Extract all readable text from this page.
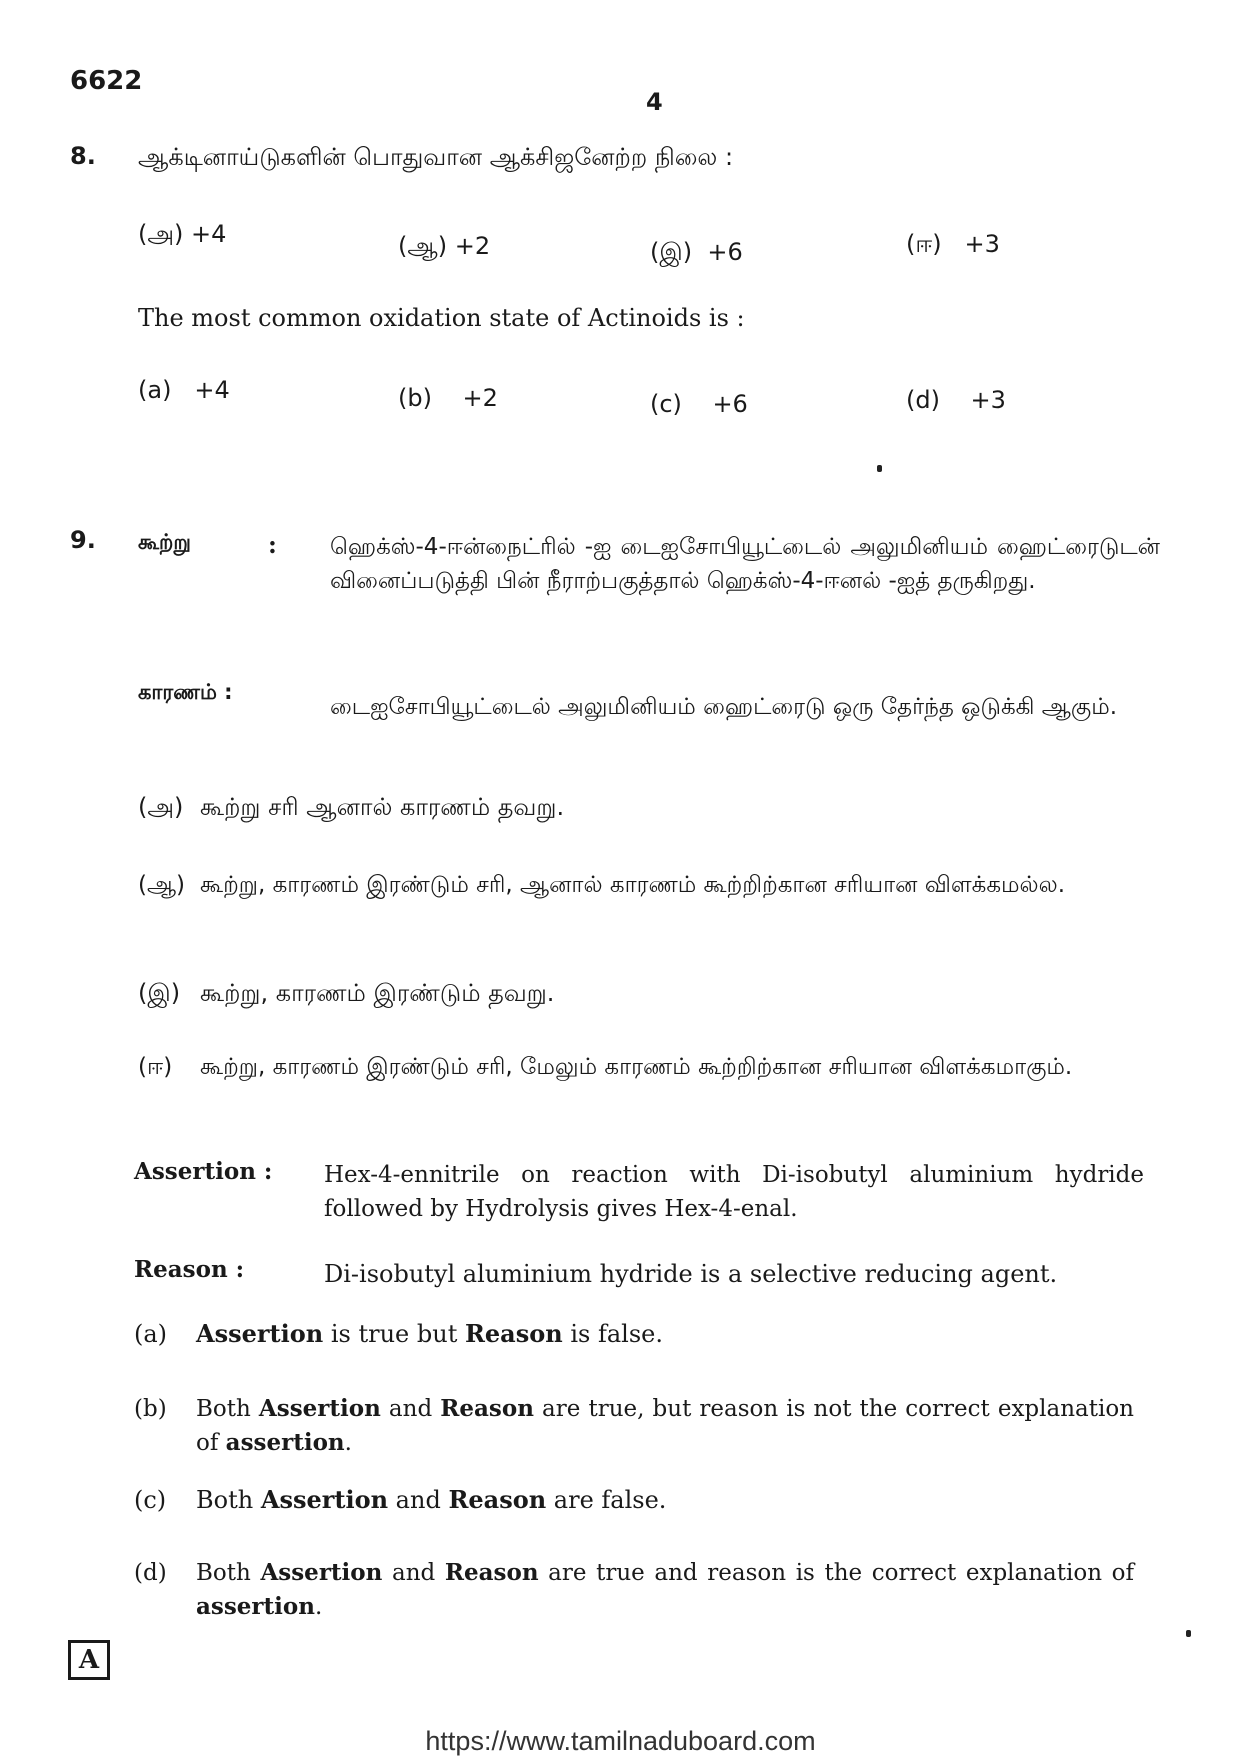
6622
4
8. ஆக்டினாய்டுகளின் பொதுவான ஆக்சிஜனேற்ற நிலை :
(அ) +4	(ஆ) +2	(இ) +6	(ஈ) +3
The most common oxidation state of Actinoids is :
(a) +4	(b) +2	(c) +6	(d) +3
9. கூற்று	: ஹெக்ஸ்-4-ஈன்நைட்ரில் -ஐ டைஐசோபியூட்டைல் அலுமினியம் ஹைட்ரைடுடன் வினைப்படுத்தி பின் நீராற்பகுத்தால் ஹெக்ஸ்-4-ஈனல் -ஐத் தருகிறது.
காரணம் :
டைஐசோபியூட்டைல் அலுமினியம் ஹைட்ரைடு ஒரு தேர்ந்த ஒடுக்கி ஆகும்.
(அ) கூற்று சரி ஆனால் காரணம் தவறு.
(ஆ) கூற்று, காரணம் இரண்டும் சரி, ஆனால் காரணம் கூற்றிற்கான சரியான விளக்கமல்ல.
(இ) கூற்று, காரணம் இரண்டும் தவறு.
(ஈ)	கூற்று, காரணம் இரண்டும் சரி, மேலும் காரணம் கூற்றிற்கான சரியான விளக்கமாகும்.
Assertion : Hex-4-ennitrile on reaction with Di-isobutyl aluminium hydride followed by Hydrolysis gives Hex-4-enal.
Reason :	Di-isobutyl aluminium hydride is a selective reducing agent.
(a)	Assertion is true but Reason is false.
(b)	Both Assertion and Reason are true, but reason is not the correct explanation of assertion.
(c)	Both Assertion and Reason are false.
(d)	Both Assertion and Reason are true and reason is the correct explanation of assertion.
A
https://www.tamilnaduboard.com
